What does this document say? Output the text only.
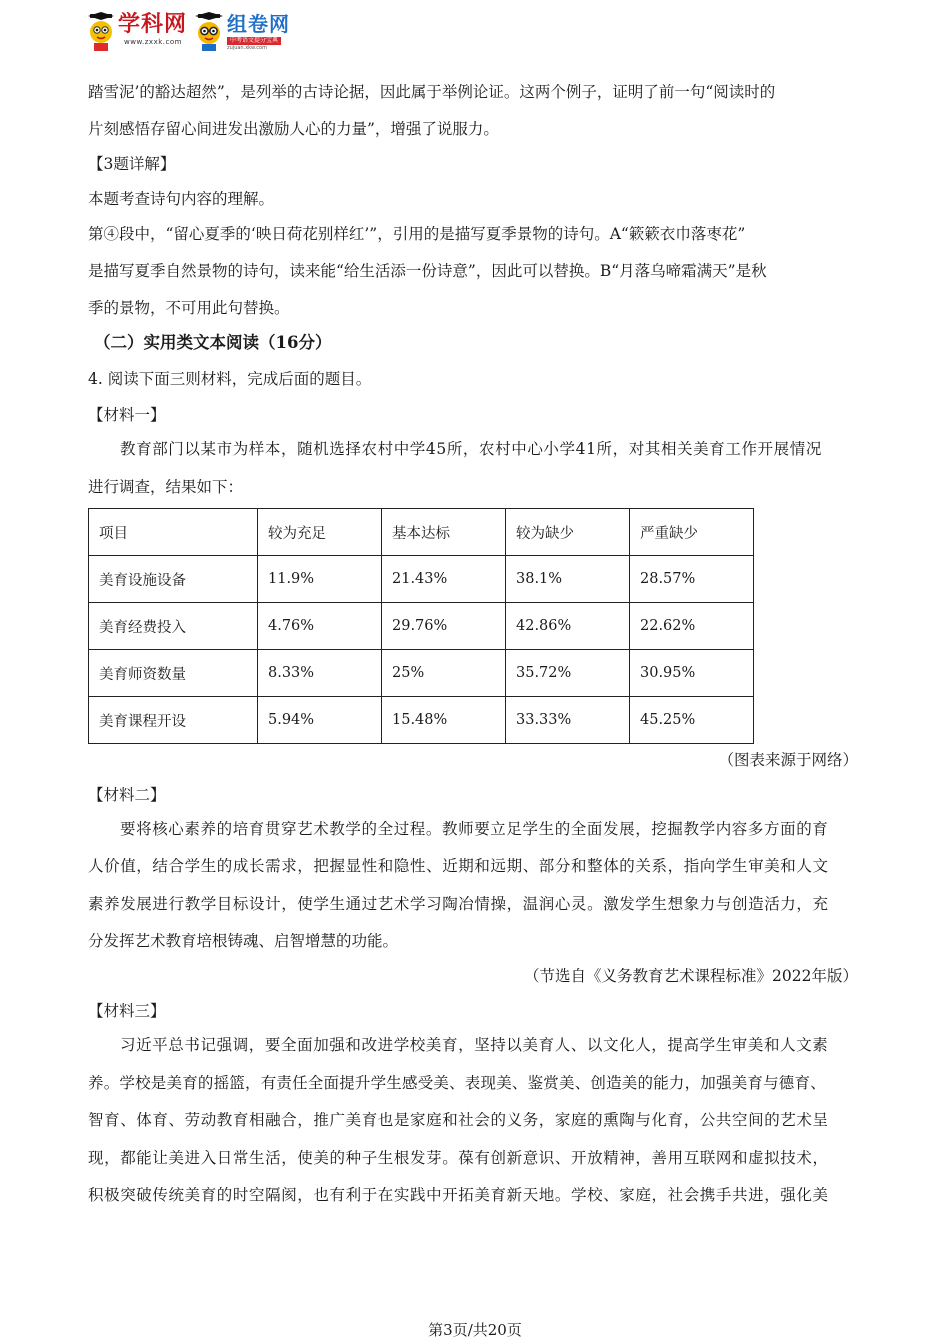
学科网
www.zxxk.com
组卷网
中考语文提分宝典
zujuan.xkw.com
踏雪泥’的豁达超然”，是列举的古诗论据，因此属于举例论证。这两个例子，证明了前一句“阅读时的
片刻感悟存留心间进发出激励人心的力量”，增强了说服力。
【3题详解】
本题考查诗句内容的理解。
第④段中，“留心夏季的‘映日荷花别样红’”，引用的是描写夏季景物的诗句。A“簌簌衣巾落枣花”
是描写夏季自然景物的诗句，读来能“给生活添一份诗意”，因此可以替换。B“月落乌啼霜满天”是秋
季的景物，不可用此句替换。
（二）实用类文本阅读（16分）
4. 阅读下面三则材料，完成后面的题目。
【材料一】
教育部门以某市为样本，随机选择农村中学45所，农村中心小学41所，对其相关美育工作开展情况
进行调查，结果如下：
项目	较为充足	基本达标	较为缺少	严重缺少
美育设施设备	11.9%	21.43%	38.1%	28.57%
美育经费投入	4.76%	29.76%	42.86%	22.62%
美育师资数量	8.33%	25%	35.72%	30.95%
美育课程开设	5.94%	15.48%	33.33%	45.25%
（图表来源于网络）
【材料二】
要将核心素养的培育贯穿艺术教学的全过程。教师要立足学生的全面发展，挖掘教学内容多方面的育
人价值，结合学生的成长需求，把握显性和隐性、近期和远期、部分和整体的关系，指向学生审美和人文
素养发展进行教学目标设计，使学生通过艺术学习陶冶情操，温润心灵。激发学生想象力与创造活力，充
分发挥艺术教育培根铸魂、启智增慧的功能。
（节选自《义务教育艺术课程标准》2022年版）
【材料三】
习近平总书记强调，要全面加强和改进学校美育，坚持以美育人、以文化人，提高学生审美和人文素
养。学校是美育的摇篮，有责任全面提升学生感受美、表现美、鉴赏美、创造美的能力，加强美育与德育、
智育、体育、劳动教育相融合，推广美育也是家庭和社会的义务，家庭的熏陶与化育，公共空间的艺术呈
现，都能让美进入日常生活，使美的种子生根发芽。葆有创新意识、开放精神，善用互联网和虚拟技术，
积极突破传统美育的时空隔阂，也有利于在实践中开拓美育新天地。学校、家庭，社会携手共进，强化美
第3页/共20页
